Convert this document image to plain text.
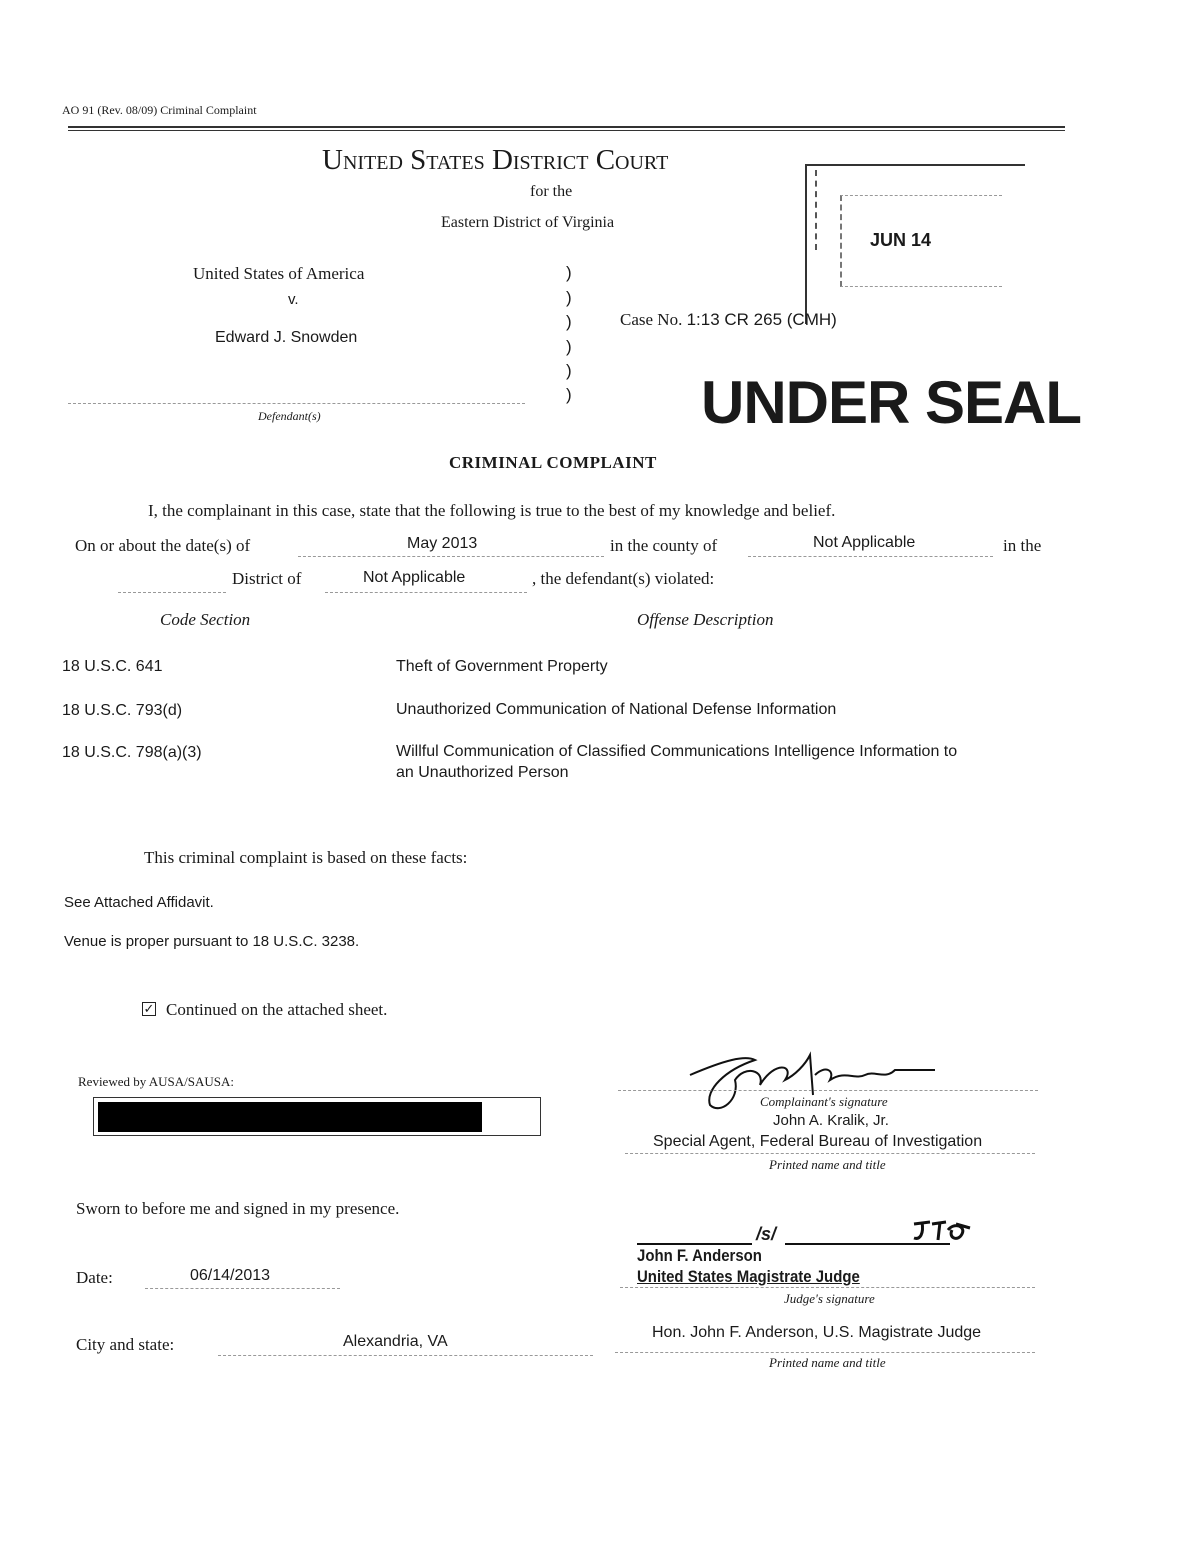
AO 91 (Rev. 08/09) Criminal Complaint
United States District Court
for the
Eastern District of Virginia
JUN 14
United States of America
v.
Edward J. Snowden
)
)
)
)
)
)
Defendant(s)
Case No. 1:13 CR 265 (CMH)
UNDER SEAL
CRIMINAL COMPLAINT
I, the complainant in this case, state that the following is true to the best of my knowledge and belief.
On or about the date(s) of	May 2013	in the county of	Not Applicable	in the
District of	Not Applicable	, the defendant(s) violated:
Code Section	Offense Description
18 U.S.C. 641	Theft of Government Property
18 U.S.C. 793(d)	Unauthorized Communication of National Defense Information
18 U.S.C. 798(a)(3)	Willful Communication of Classified Communications Intelligence Information to
an Unauthorized Person
This criminal complaint is based on these facts:
See Attached Affidavit.
Venue is proper pursuant to 18 U.S.C. 3238.
✓ Continued on the attached sheet.
Reviewed by AUSA/SAUSA:
Complainant's signature
John A. Kralik, Jr.
Special Agent, Federal Bureau of Investigation
Printed name and title
Sworn to before me and signed in my presence.
/s/
John F. Anderson
United States Magistrate Judge
Judge's signature
Hon. John F. Anderson, U.S. Magistrate Judge
Printed name and title
Date:	06/14/2013
City and state:	Alexandria, VA
